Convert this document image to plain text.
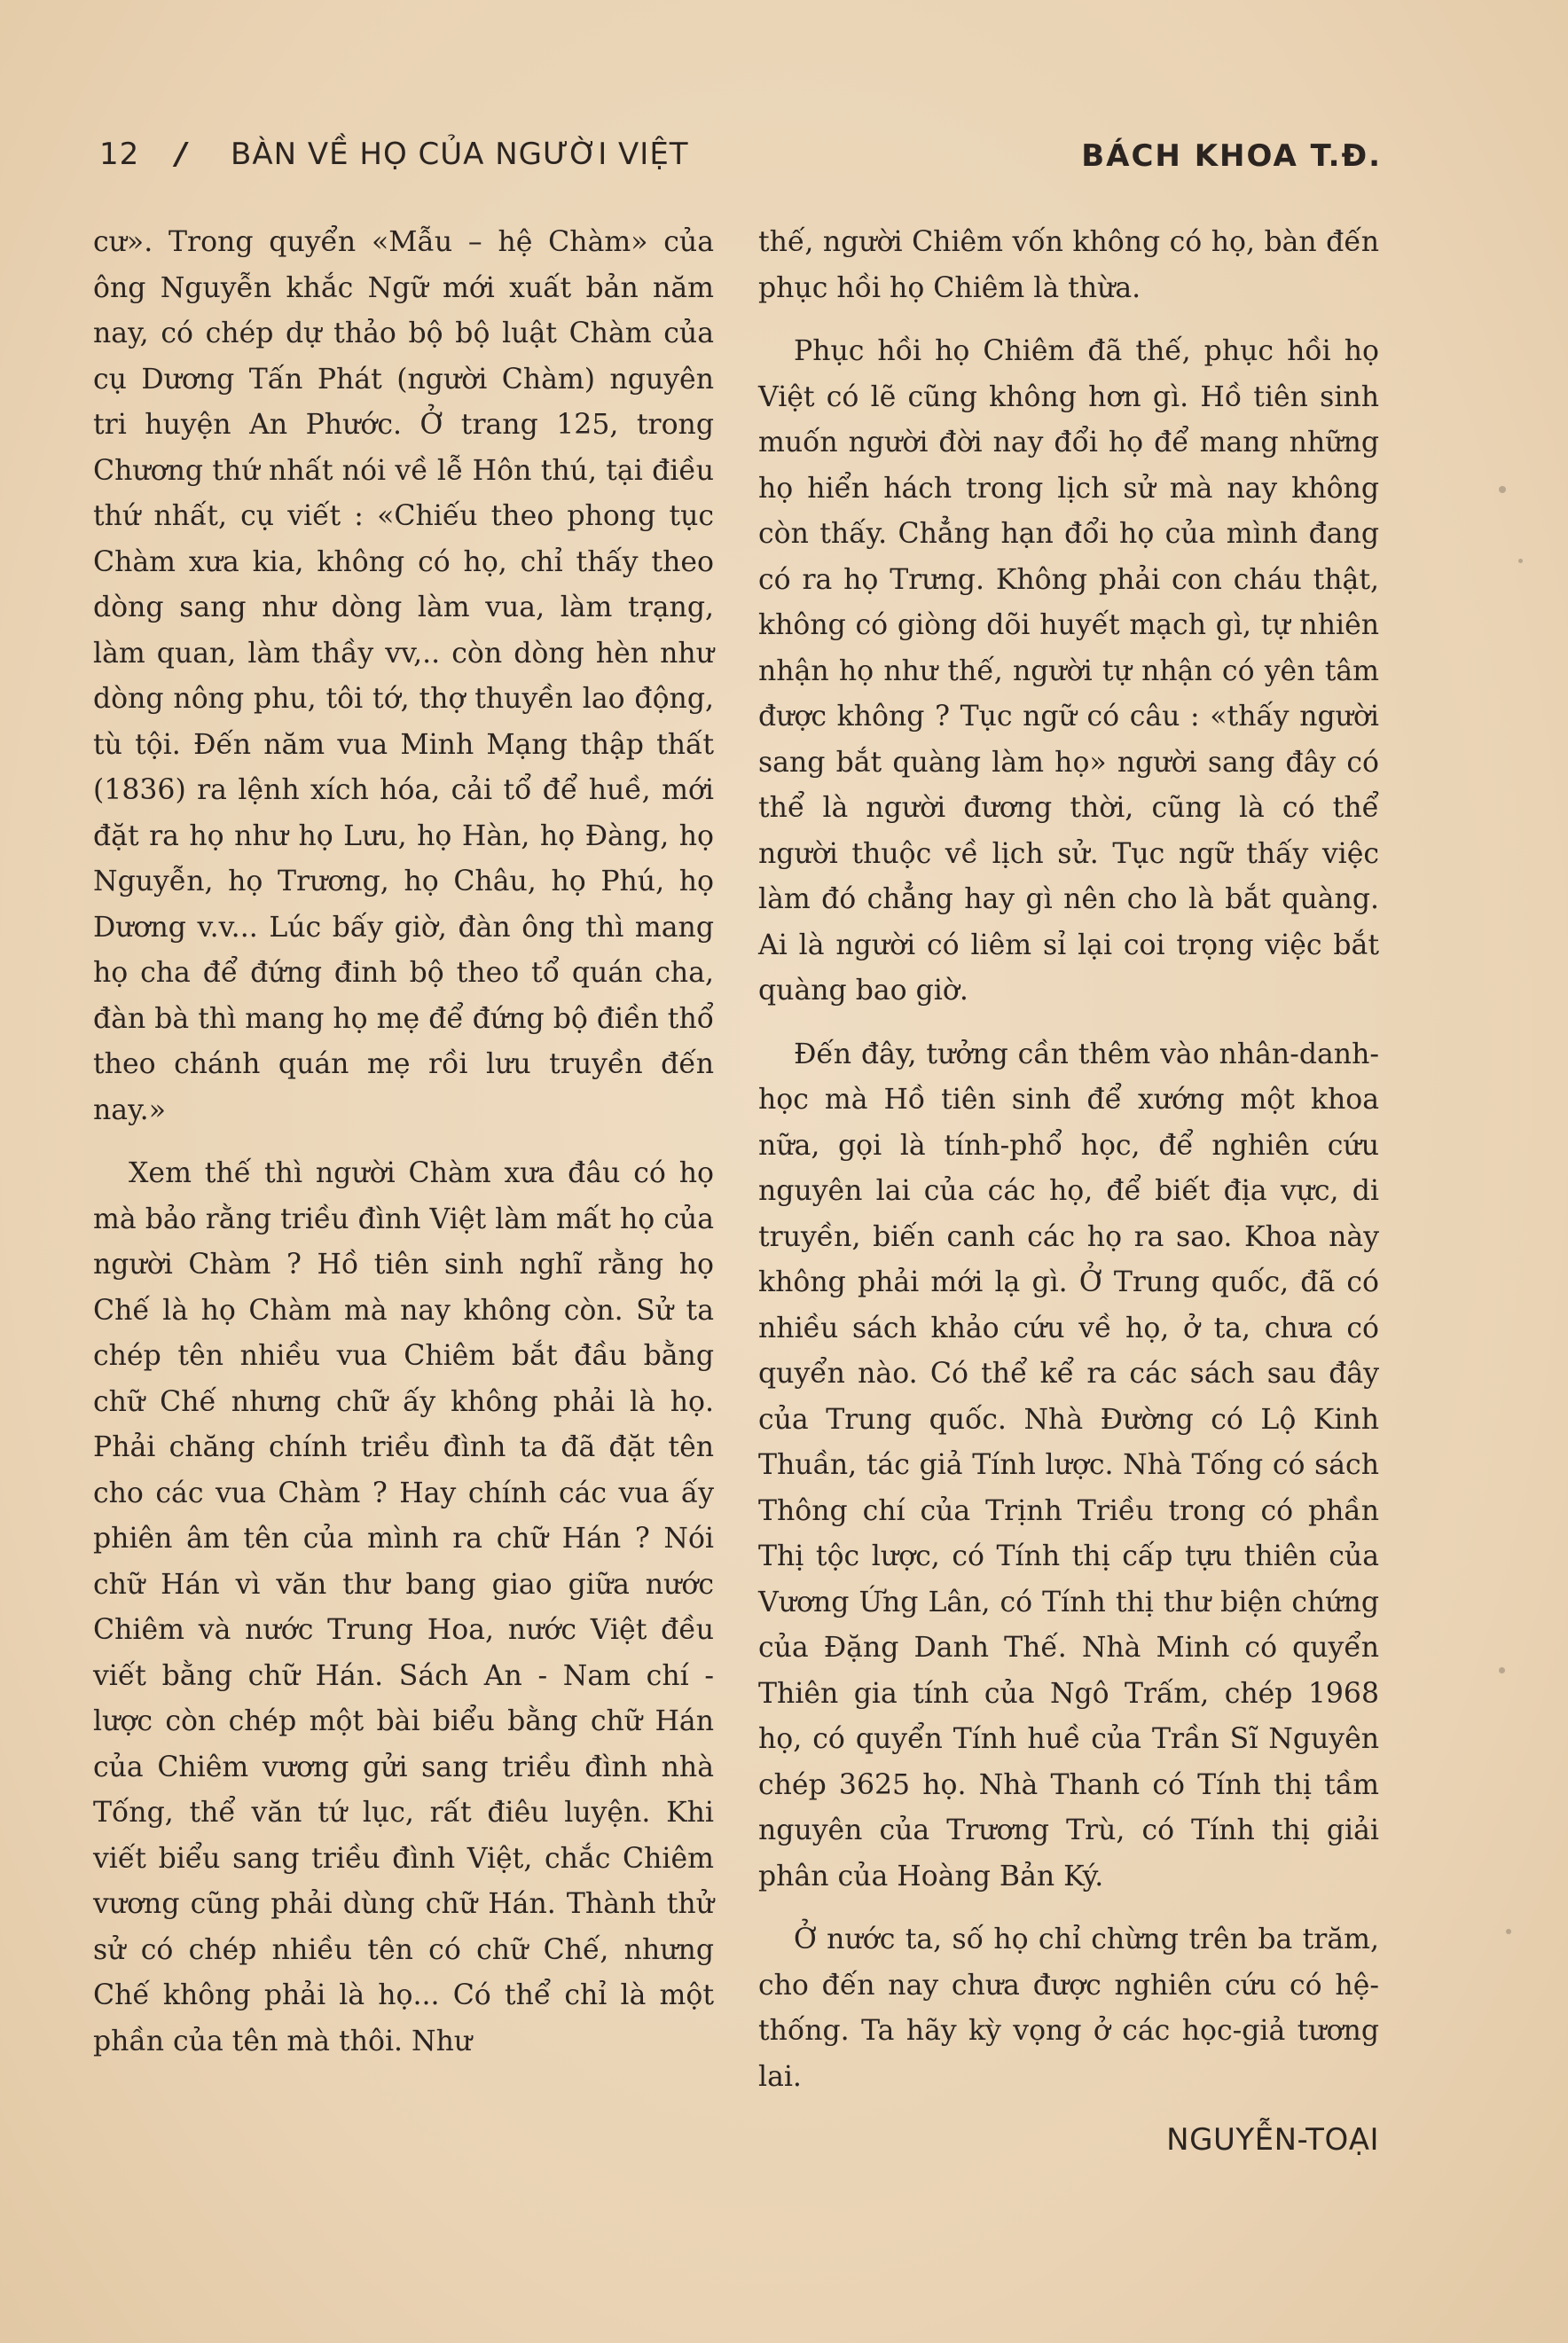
12 / BÀN VỀ HỌ CỦA NGƯỜI VIỆT	BÁCH KHOA T.Đ.

cư». Trong quyển «Mẫu – hệ Chàm» của ông Nguyễn khắc Ngữ mới xuất bản năm nay, có chép dự thảo bộ bộ luật Chàm của cụ Dương Tấn Phát (người Chàm) nguyên tri huyện An Phước. Ở trang 125, trong Chương thứ nhất nói về lễ Hôn thú, tại điều thứ nhất, cụ viết : «Chiếu theo phong tục Chàm xưa kia, không có họ, chỉ thấy theo dòng sang như dòng làm vua, làm trạng, làm quan, làm thầy vv,.. còn dòng hèn như dòng nông phu, tôi tớ, thợ thuyền lao động, tù tội. Đến năm vua Minh Mạng thập thất (1836) ra lệnh xích hóa, cải tổ để huề, mới đặt ra họ như họ Lưu, họ Hàn, họ Đàng, họ Nguyễn, họ Trương, họ Châu, họ Phú, họ Dương v.v... Lúc bấy giờ, đàn ông thì mang họ cha để đứng đinh bộ theo tổ quán cha, đàn bà thì mang họ mẹ để đứng bộ điền thổ theo chánh quán mẹ rồi lưu truyền đến nay.»

Xem thế thì người Chàm xưa đâu có họ mà bảo rằng triều đình Việt làm mất họ của người Chàm ? Hồ tiên sinh nghĩ rằng họ Chế là họ Chàm mà nay không còn. Sử ta chép tên nhiều vua Chiêm bắt đầu bằng chữ Chế nhưng chữ ấy không phải là họ. Phải chăng chính triều đình ta đã đặt tên cho các vua Chàm ? Hay chính các vua ấy phiên âm tên của mình ra chữ Hán ? Nói chữ Hán vì văn thư bang giao giữa nước Chiêm và nước Trung Hoa, nước Việt đều viết bằng chữ Hán. Sách An - Nam chí - lược còn chép một bài biểu bằng chữ Hán của Chiêm vương gửi sang triều đình nhà Tống, thể văn tứ lục, rất điêu luyện. Khi viết biểu sang triều đình Việt, chắc Chiêm vương cũng phải dùng chữ Hán. Thành thử sử có chép nhiều tên có chữ Chế, nhưng Chế không phải là họ... Có thể chỉ là một phần của tên mà thôi. Như

thế, người Chiêm vốn không có họ, bàn đến phục hồi họ Chiêm là thừa.

Phục hồi họ Chiêm đã thế, phục hồi họ Việt có lẽ cũng không hơn gì. Hồ tiên sinh muốn người đời nay đổi họ để mang những họ hiển hách trong lịch sử mà nay không còn thấy. Chẳng hạn đổi họ của mình đang có ra họ Trưng. Không phải con cháu thật, không có giòng dõi huyết mạch gì, tự nhiên nhận họ như thế, người tự nhận có yên tâm được không ? Tục ngữ có câu : «thấy người sang bắt quàng làm họ» người sang đây có thể là người đương thời, cũng là có thể người thuộc về lịch sử. Tục ngữ thấy việc làm đó chẳng hay gì nên cho là bắt quàng. Ai là người có liêm sỉ lại coi trọng việc bắt quàng bao giờ.

Đến đây, tưởng cần thêm vào nhân-danh-học mà Hồ tiên sinh để xướng một khoa nữa, gọi là tính-phổ học, để nghiên cứu nguyên lai của các họ, để biết địa vực, di truyền, biến canh các họ ra sao. Khoa này không phải mới lạ gì. Ở Trung quốc, đã có nhiều sách khảo cứu về họ, ở ta, chưa có quyển nào. Có thể kể ra các sách sau đây của Trung quốc. Nhà Đường có Lộ Kinh Thuần, tác giả Tính lược. Nhà Tống có sách Thông chí của Trịnh Triều trong có phần Thị tộc lược, có Tính thị cấp tựu thiên của Vương Ứng Lân, có Tính thị thư biện chứng của Đặng Danh Thế. Nhà Minh có quyển Thiên gia tính của Ngô Trấm, chép 1968 họ, có quyển Tính huề của Trần Sĩ Nguyên chép 3625 họ. Nhà Thanh có Tính thị tầm nguyên của Trương Trù, có Tính thị giải phân của Hoàng Bản Ký.

Ở nước ta, số họ chỉ chừng trên ba trăm, cho đến nay chưa được nghiên cứu có hệ-thống. Ta hãy kỳ vọng ở các học-giả tương lai.

NGUYỄN-TOẠI
